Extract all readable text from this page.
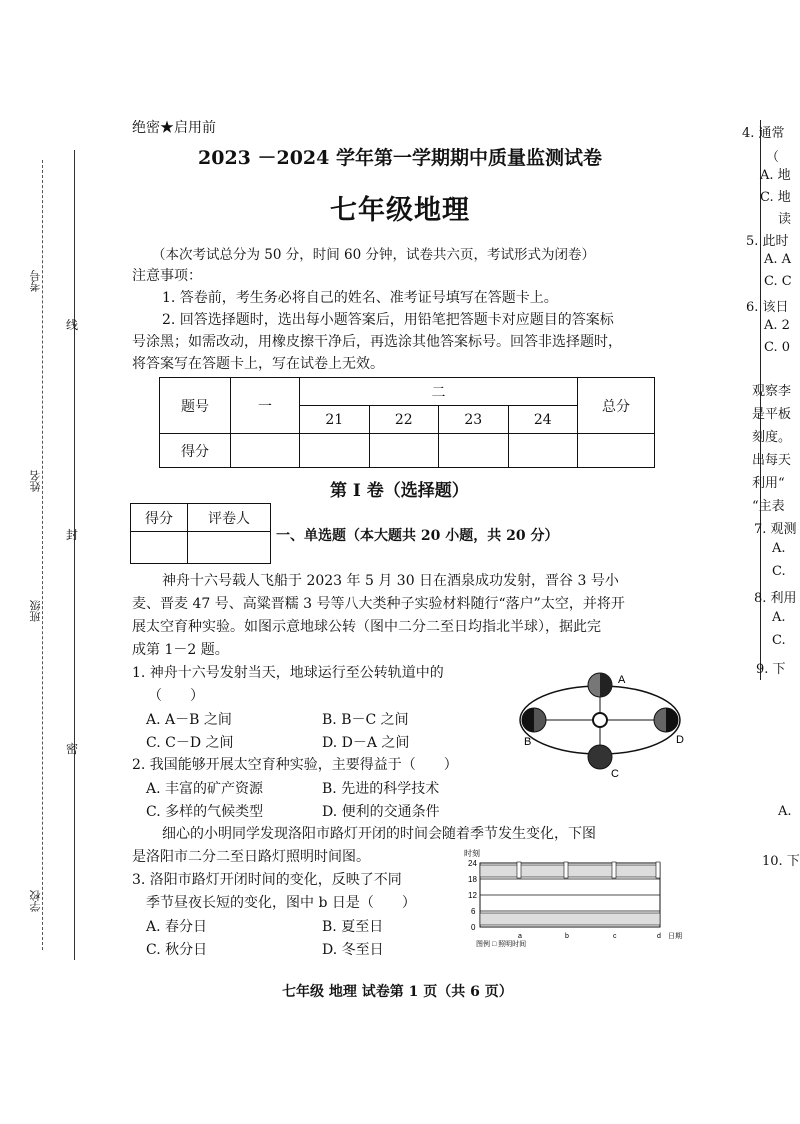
考号
姓名
班级
学校
线
封
密
绝密★启用前
2023 －2024 学年第一学期期中质量监测试卷
七年级地理
（本次考试总分为 50 分，时间 60 分钟，试卷共六页，考试形式为闭卷）
注意事项：
1. 答卷前，考生务必将自己的姓名、准考证号填写在答题卡上。
2. 回答选择题时，选出每小题答案后，用铅笔把答题卡对应题目的答案标
号涂黑；如需改动，用橡皮擦干净后，再选涂其他答案标号。回答非选择题时，
将答案写在答题卡上，写在试卷上无效。
题号	一	二				总分
		21	22	23	24	
得分						
第 I 卷（选择题）
得分	评卷人

一、单选题（本大题共 20 小题，共 20 分）
神舟十六号载人飞船于 2023 年 5 月 30 日在酒泉成功发射，晋谷 3 号小
麦、晋麦 47 号、高粱晋糯 3 号等八大类种子实验材料随行“落户”太空，并将开
展太空育种实验。如图示意地球公转（图中二分二至日均指北半球），据此完
成第 1－2 题。
1. 神舟十六号发射当天，地球运行至公转轨道中的
（　　）
A. A－B 之间	B. B－C 之间
C. C－D 之间	D. D－A 之间
A
B
C
D
2. 我国能够开展太空育种实验，主要得益于（　　）
A. 丰富的矿产资源	B. 先进的科学技术
C. 多样的气候类型	D. 便利的交通条件
细心的小明同学发现洛阳市路灯开闭的时间会随着季节发生变化，下图
是洛阳市二分二至日路灯照明时间图。
3. 洛阳市路灯开闭时间的变化，反映了不同
季节昼夜长短的变化，图中 b 日是（　　）
A. 春分日	B. 夏至日
C. 秋分日	D. 冬至日
时刻
24
18
12
6
0
a	b	c	d 日期
图例 □ 照明时间
七年级 地理 试卷第 1 页（共 6 页）
4. 通常
（
A. 地
C. 地
读
5. 此时
A. A
C. C
6. 该日
A. 2
C. 0
观察李
是平板
刻度。
出每天
利用“
“主表
7. 观测
A.
C.
8. 利用
A.
C.
9. 下
A.
10. 下
